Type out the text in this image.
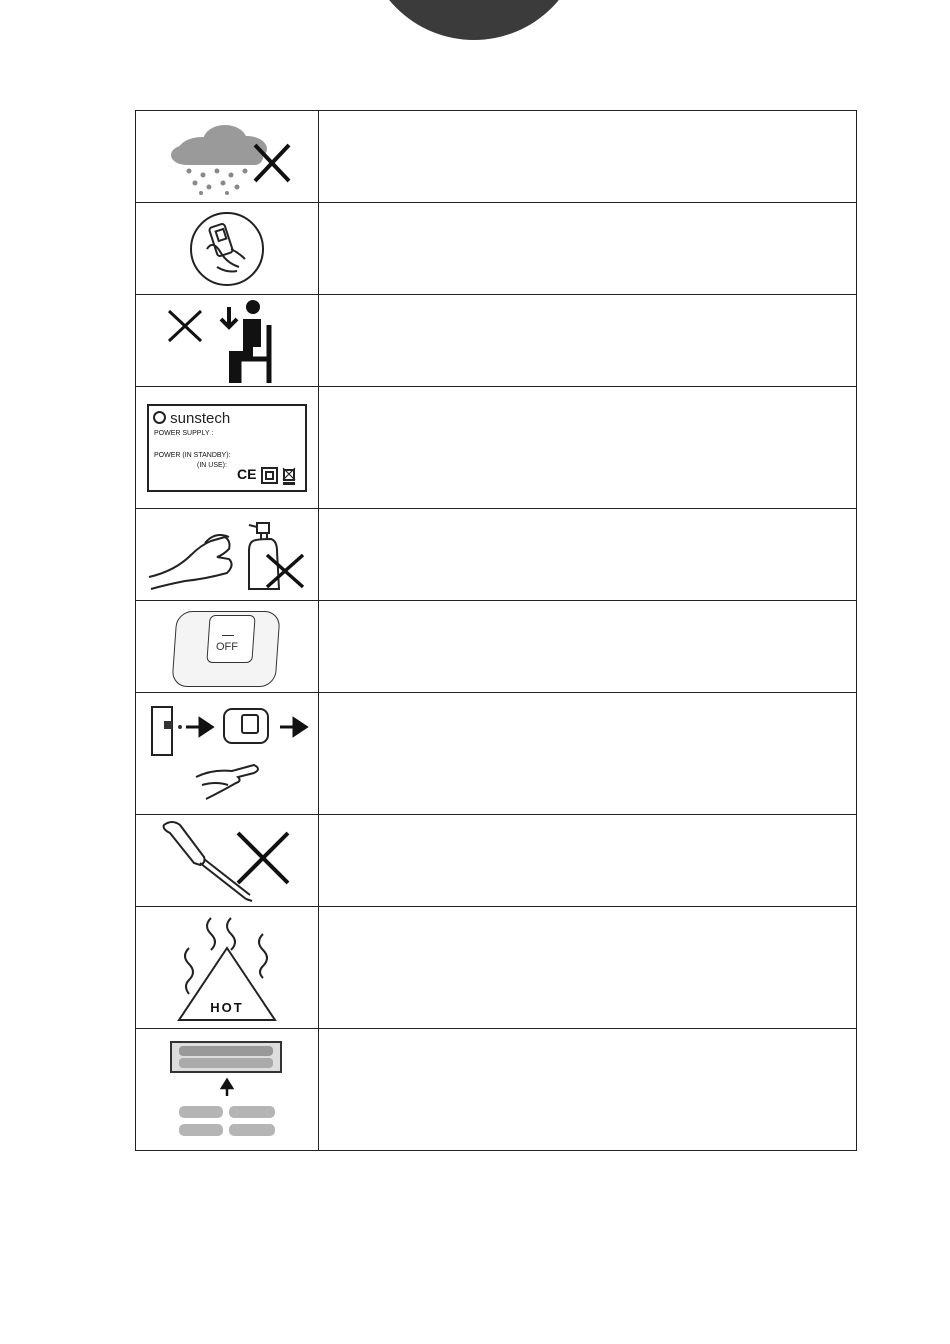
sunstech
POWER SUPPLY :
POWER (IN STANDBY):
(IN USE):
CE	

OFF	

HOT	
